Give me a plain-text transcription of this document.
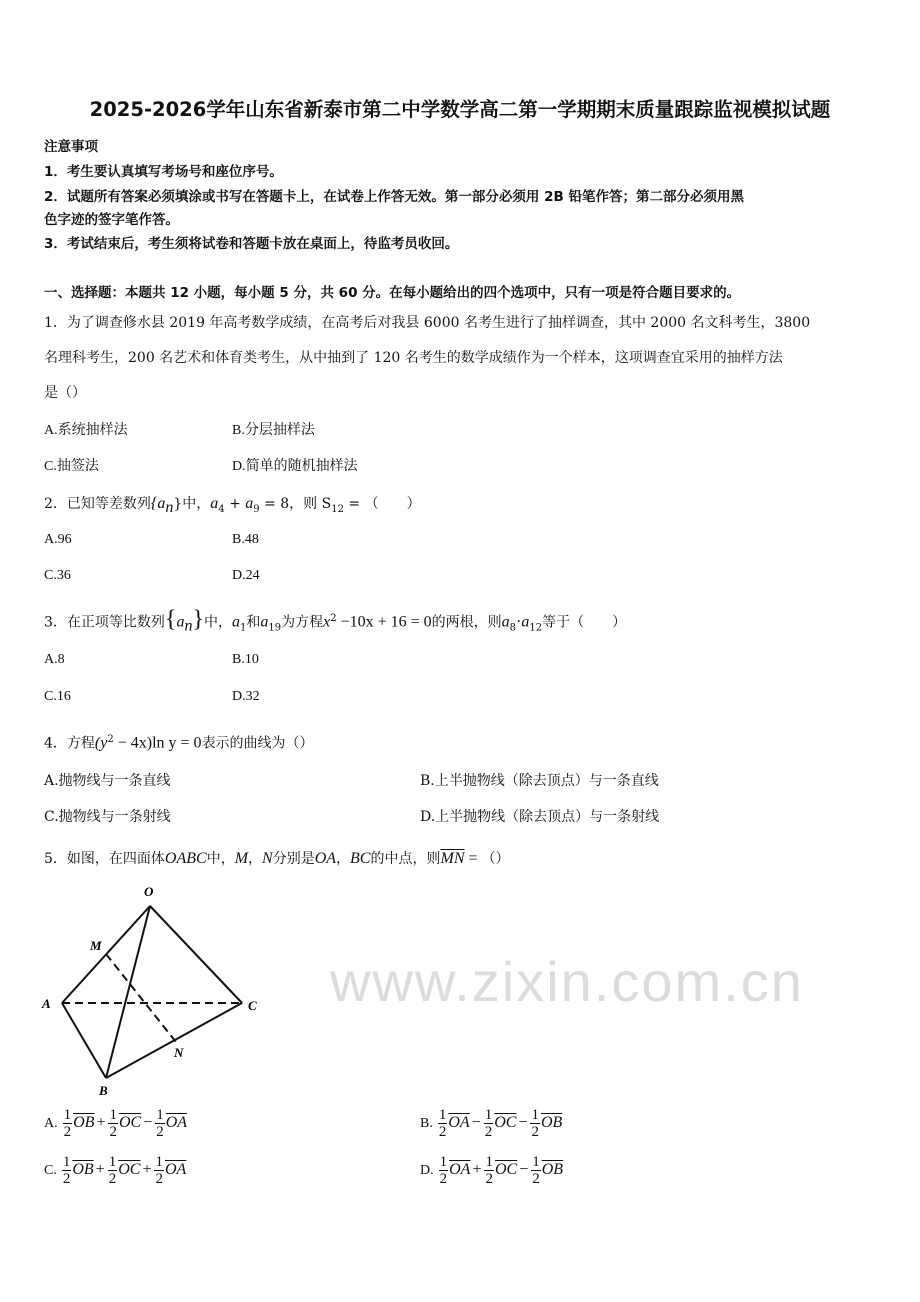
2025-2026学年山东省新泰市第二中学数学高二第一学期期末质量跟踪监视模拟试题
注意事项
1．考生要认真填写考场号和座位序号。
2．试题所有答案必须填涂或书写在答题卡上，在试卷上作答无效。第一部分必须用 2B 铅笔作答；第二部分必须用黑
色字迹的签字笔作答。
3．考试结束后，考生须将试卷和答题卡放在桌面上，待监考员收回。
一、选择题：本题共 12 小题，每小题 5 分，共 60 分。在每小题给出的四个选项中，只有一项是符合题目要求的。
1．为了调查修水县 2019 年高考数学成绩，在高考后对我县 6000 名考生进行了抽样调查，其中 2000 名文科考生，3800
名理科考生，200 名艺术和体育类考生，从中抽到了 120 名考生的数学成绩作为一个样本，这项调查宜采用的抽样方法
是（）
A.系统抽样法	B.分层抽样法
C.抽签法	D.简单的随机抽样法
2．已知等差数列$\{a_n\}$中，$a_4 + a_9 = 8$，则 $S_{12}$ = （　　）
A.96	B.48
C.36	D.24
3．在正项等比数列$\{a_n\}$中，$a_1$和$a_{19}$为方程$x^2 -10x + 16 = 0$的两根，则$a_8\cdot a_{12}$等于（　　）
A.8	B.10
C.16	D.32
4．方程$(y^2 - 4x)\ln$ y = 0表示的曲线为（）
A.抛物线与一条直线	B.上半抛物线（除去顶点）与一条直线
C.抛物线与一条射线	D.上半抛物线（除去顶点）与一条射线
5．如图，在四面体OABC中，M，N分别是OA，BC的中点，则$\overline{MN}$ = （）
O
M
A	C
N
B
www.zixin.com.cn
A. $\frac{1}{2} \overline{OB} + \frac{1}{2} \overline{OC} - \frac{1}{2} \overline{OA}$	B. $\frac{1}{2} \overline{OA} - \frac{1}{2} \overline{OC} - \frac{1}{2} \overline{OB}$
C. $\frac{1}{2} \overline{OB} + \frac{1}{2} \overline{OC} + \frac{1}{2} \overline{OA}$	D. $\frac{1}{2} \overline{OA} + \frac{1}{2} \overline{OC} - \frac{1}{2} \overline{OB}$
